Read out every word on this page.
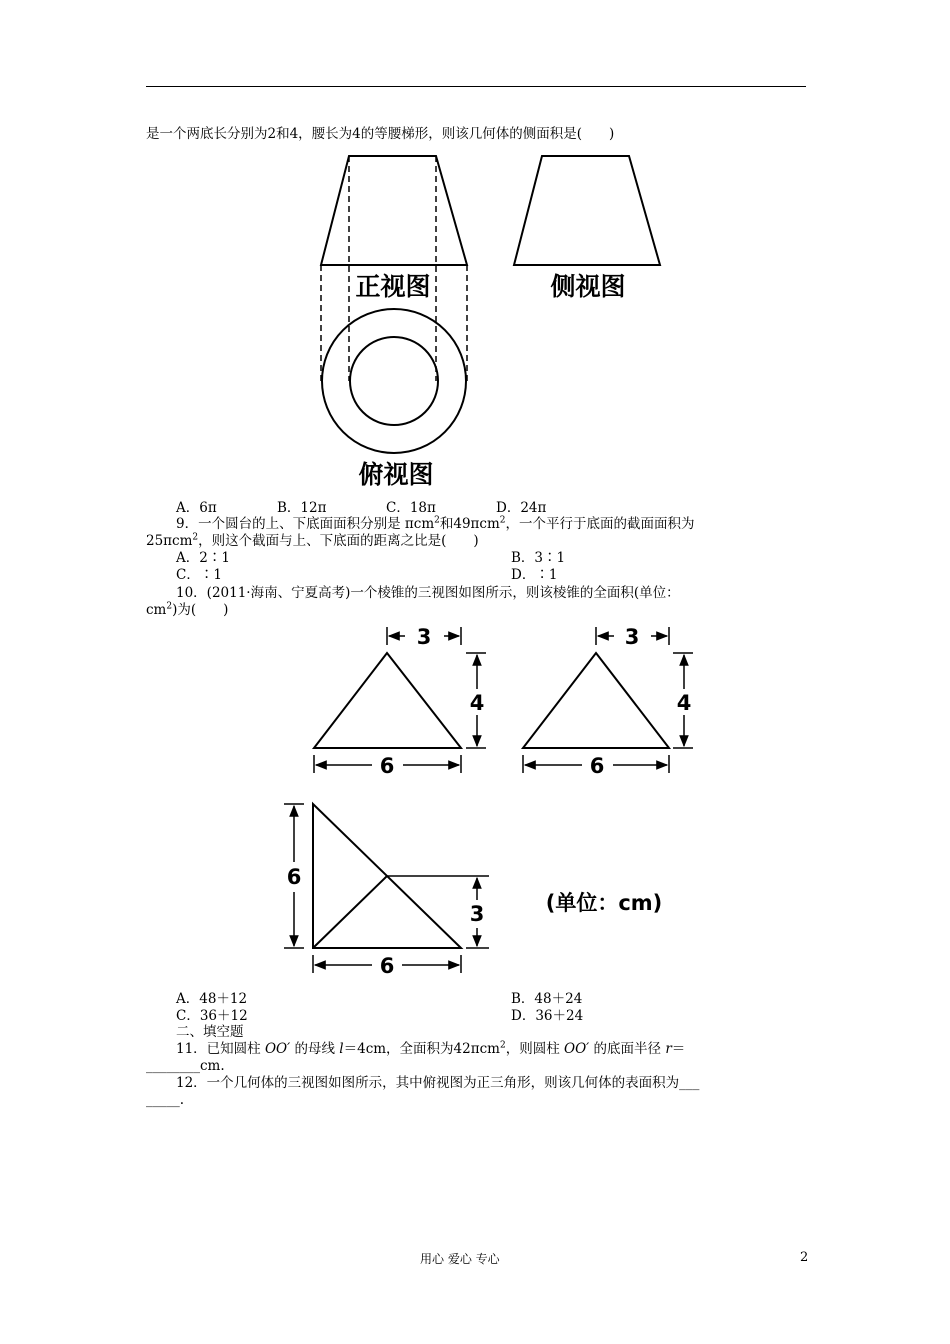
是一个两底长分别为2和4，腰长为4的等腰梯形，则该几何体的侧面积是(　　)
正视图	侧视图
俯视图
A．6π	B．12π	C．18π	D．24π
9．一个圆台的上、下底面面积分别是 πcm$^2$和49πcm$^2$，一个平行于底面的截面面积为
25πcm$^2$，则这个截面与上、下底面的距离之比是(　　)
A．2∶1	B．3∶1
C．∶1	D．∶1
10．(2011·海南、宁夏高考)一个棱锥的三视图如图所示，则该棱锥的全面积(单位：
$cm^2$)为(　　)
3
4
6
3
4
6
6
3
6
(单位：cm)
A．48＋12	B．48＋24
C．36＋12	D．36＋24
二、填空题
11．已知圆柱 OO′ 的母线 l＝4cm，全面积为42πcm$^2$，则圆柱 OO′ 的底面半径 r＝
________cm.
12．一个几何体的三视图如图所示，其中俯视图为正三角形，则该几何体的表面积为___
_____.
用心 爱心 专心	2
